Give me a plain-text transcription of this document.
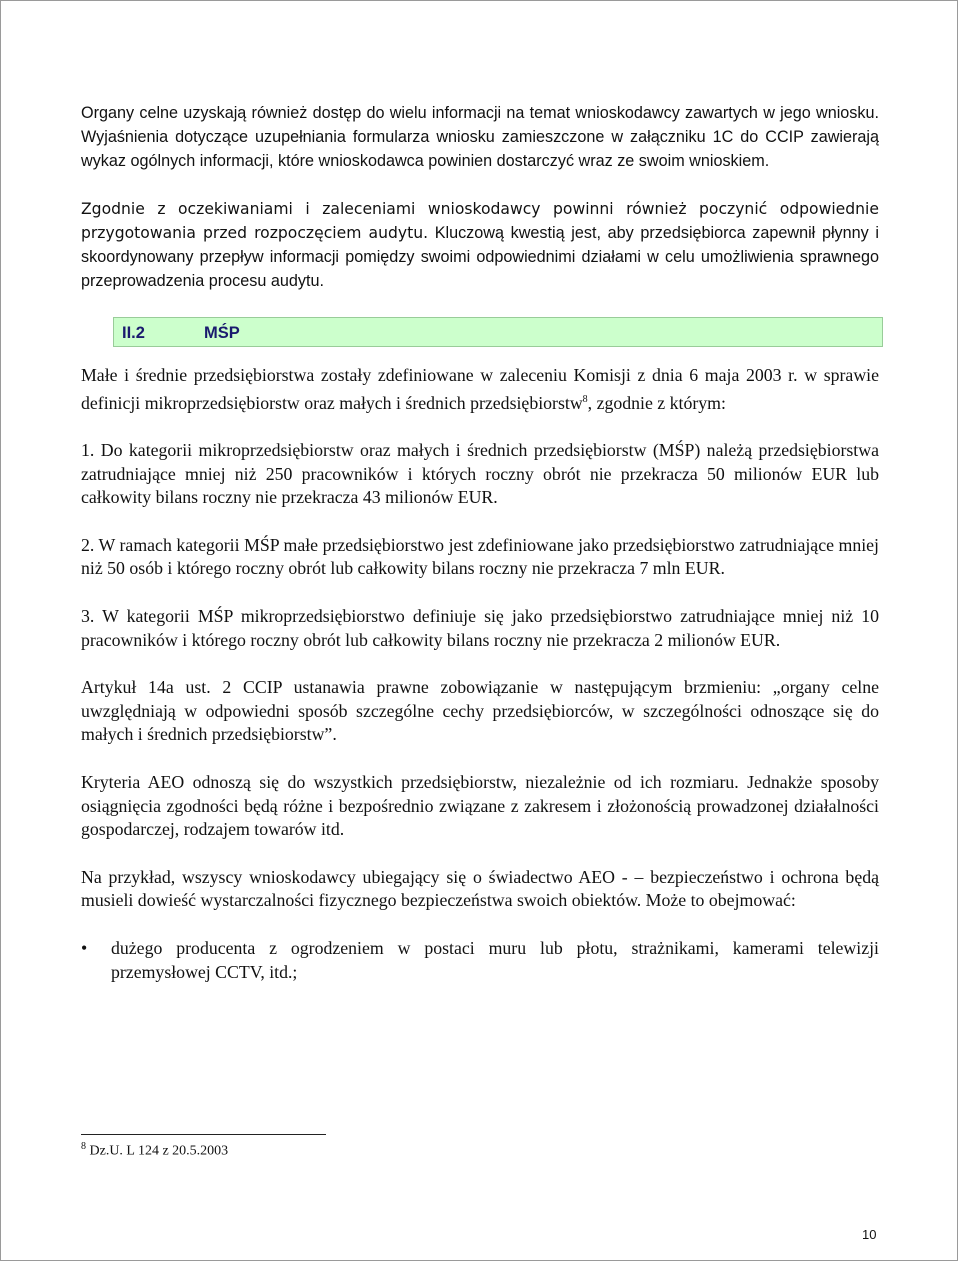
Organy celne uzyskają również dostęp do wielu informacji na temat wnioskodawcy zawartych w jego wniosku. Wyjaśnienia dotyczące uzupełniania formularza wniosku zamieszczone w załączniku 1C do CCIP zawierają wykaz ogólnych informacji, które wnioskodawca powinien dostarczyć wraz ze swoim wnioskiem.

Zgodnie z oczekiwaniami i zaleceniami wnioskodawcy powinni również poczynić odpowiednie przygotowania przed rozpoczęciem audytu. Kluczową kwestią jest, aby przedsiębiorca zapewnił płynny i skoordynowany przepływ informacji pomiędzy swoimi odpowiednimi działami w celu umożliwienia sprawnego przeprowadzenia procesu audytu.

II.2	MŚP

Małe i średnie przedsiębiorstwa zostały zdefiniowane w zaleceniu Komisji z dnia 6 maja 2003 r. w sprawie definicji mikroprzedsiębiorstw oraz małych i średnich przedsiębiorstw$^8$, zgodnie z którym:

1. Do kategorii mikroprzedsiębiorstw oraz małych i średnich przedsiębiorstw (MŚP) należą przedsiębiorstwa zatrudniające mniej niż 250 pracowników i których roczny obrót nie przekracza 50 milionów EUR lub całkowity bilans roczny nie przekracza 43 milionów EUR.

2. W ramach kategorii MŚP małe przedsiębiorstwo jest zdefiniowane jako przedsiębiorstwo zatrudniające mniej niż 50 osób i którego roczny obrót lub całkowity bilans roczny nie przekracza 7 mln EUR.

3. W kategorii MŚP mikroprzedsiębiorstwo definiuje się jako przedsiębiorstwo zatrudniające mniej niż 10 pracowników i którego roczny obrót lub całkowity bilans roczny nie przekracza 2 milionów EUR.

Artykuł 14a ust. 2 CCIP ustanawia prawne zobowiązanie w następującym brzmieniu: „organy celne uwzględniają w odpowiedni sposób szczególne cechy przedsiębiorców, w szczególności odnoszące się do małych i średnich przedsiębiorstw”.

Kryteria AEO odnoszą się do wszystkich przedsiębiorstw, niezależnie od ich rozmiaru. Jednakże sposoby osiągnięcia zgodności będą różne i bezpośrednio związane z zakresem i złożonością prowadzonej działalności gospodarczej, rodzajem towarów itd.

Na przykład, wszyscy wnioskodawcy ubiegający się o świadectwo AEO - – bezpieczeństwo i ochrona będą musieli dowieść wystarczalności fizycznego bezpieczeństwa swoich obiektów. Może to obejmować:

• dużego producenta z ogrodzeniem w postaci muru lub płotu, strażnikami, kamerami telewizji przemysłowej CCTV, itd.;
$^8$ Dz.U. L 124 z 20.5.2003
10
